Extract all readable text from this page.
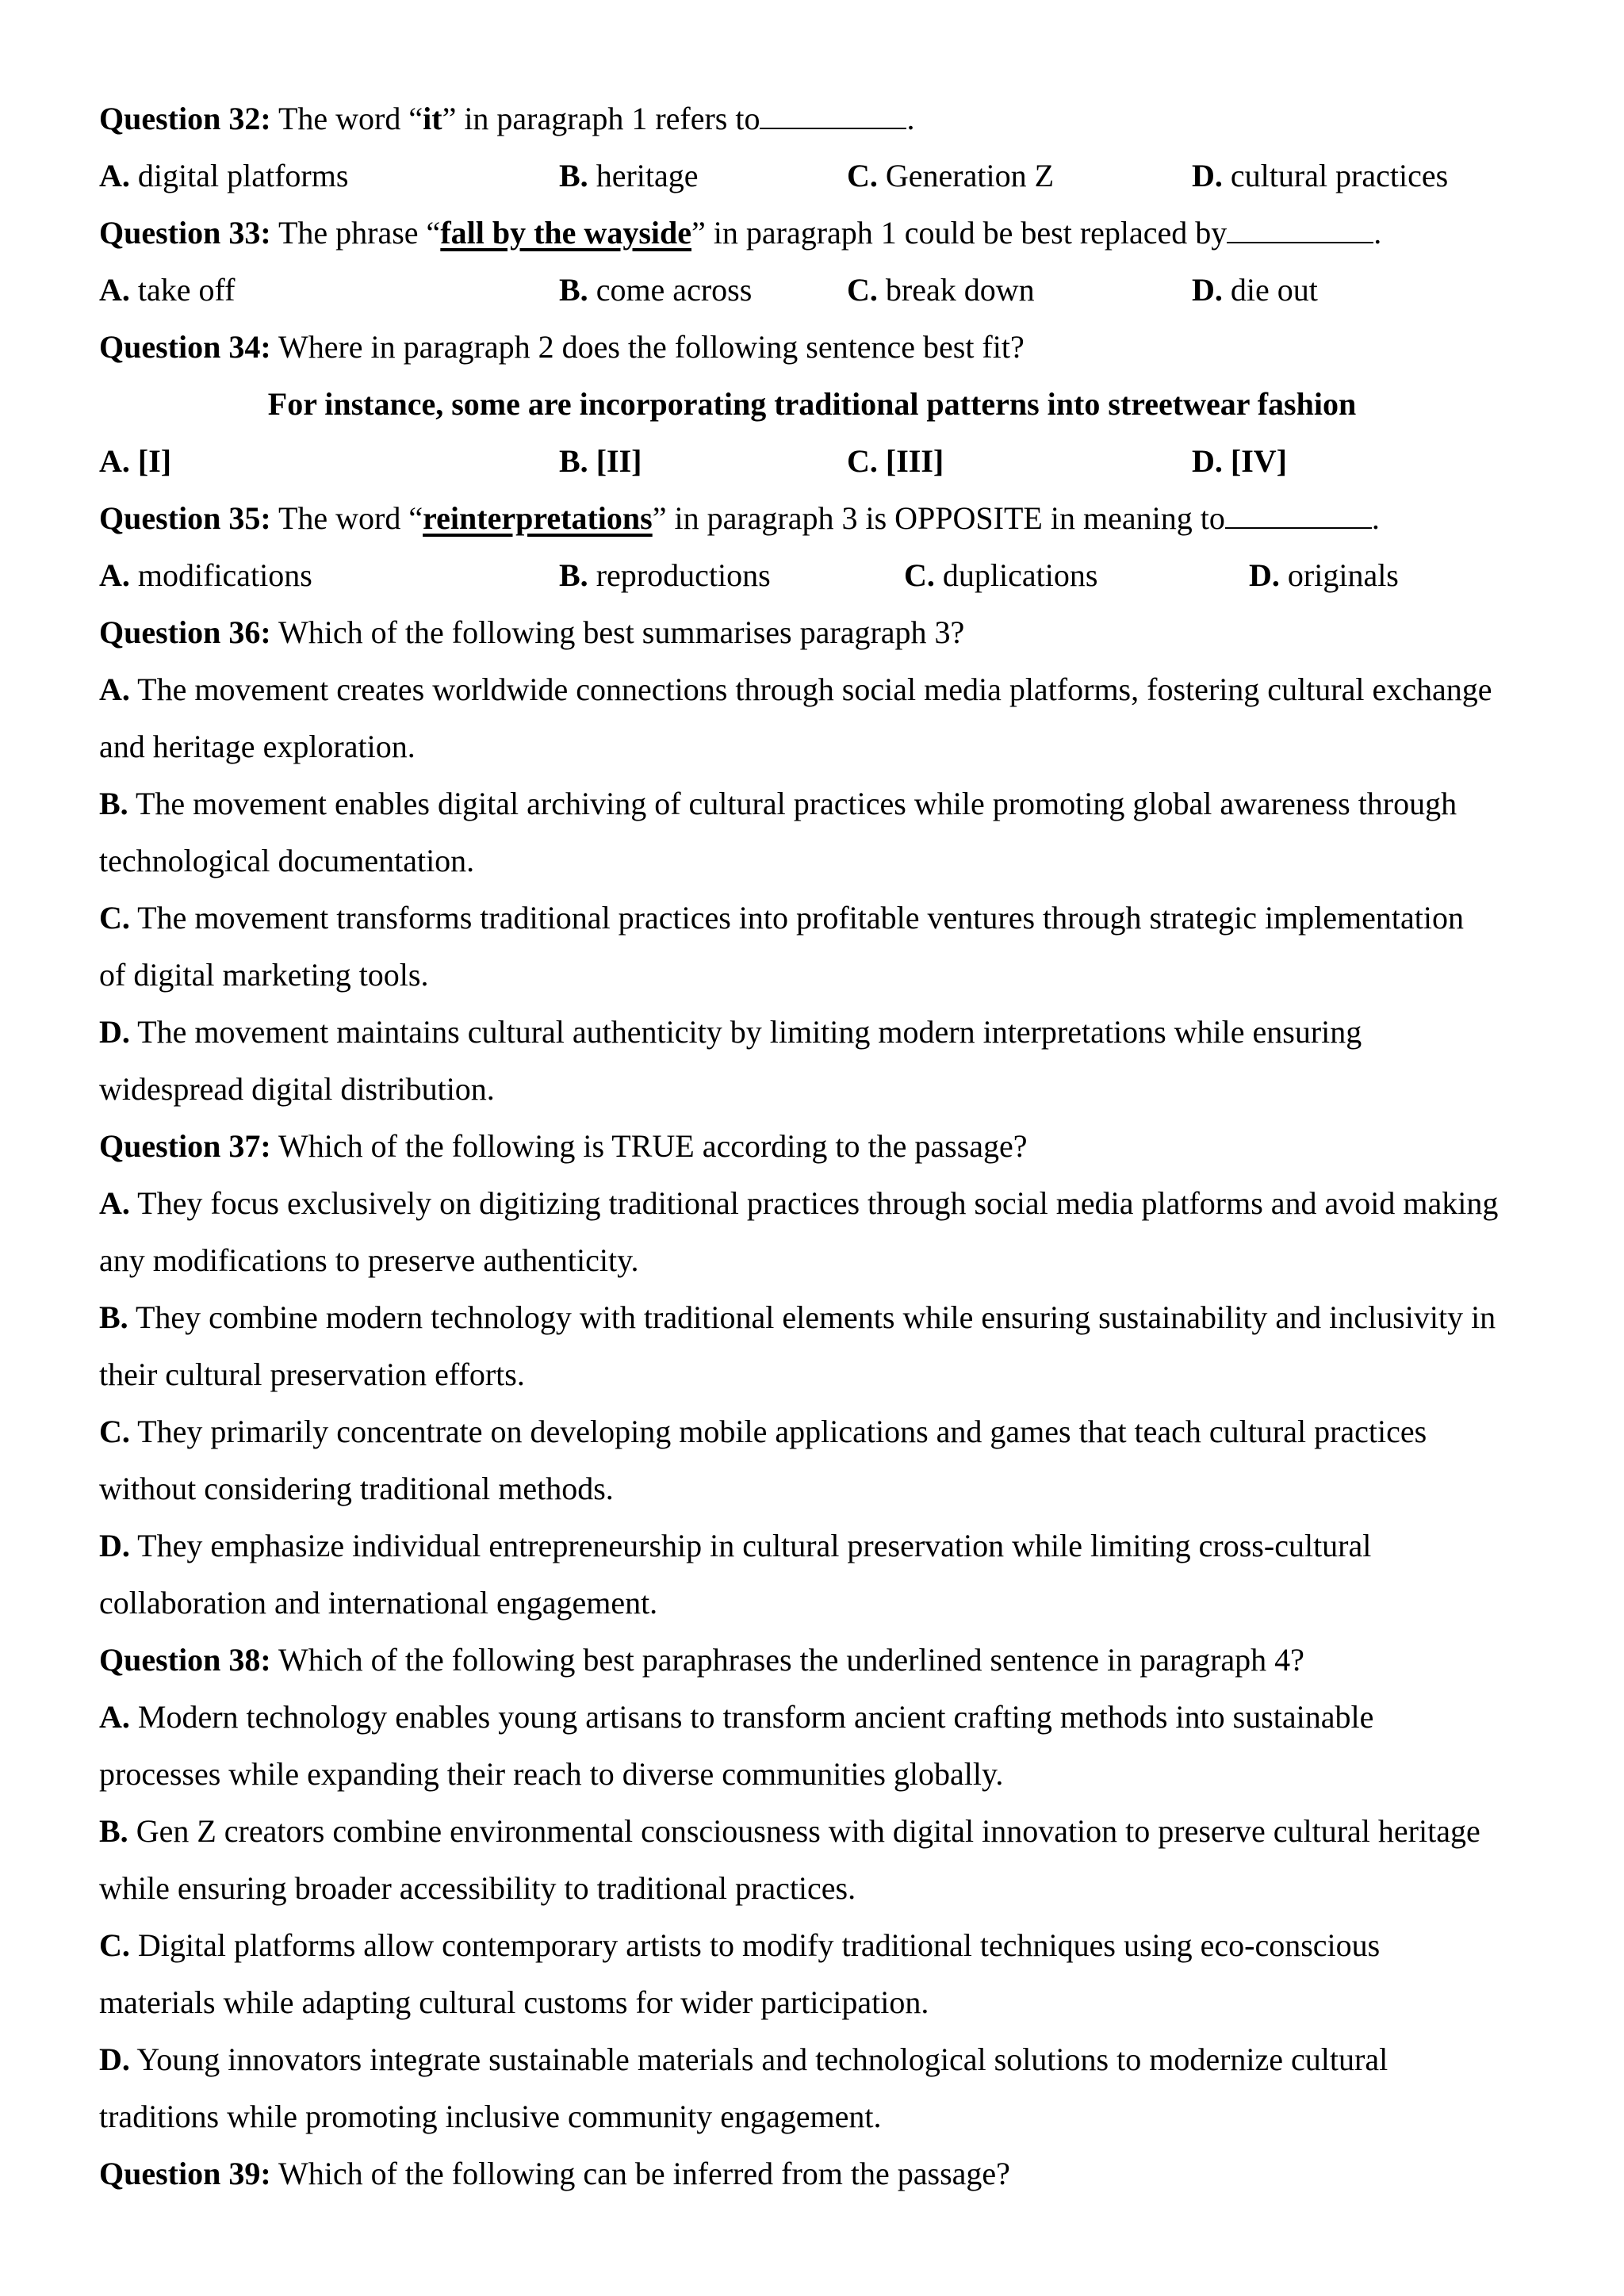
Question 32: The word “it” in paragraph 1 refers to	.
A. digital platforms	B. heritage	C. Generation Z	D. cultural practices
Question 33: The phrase “fall by the wayside” in paragraph 1 could be best replaced by	.
A. take off	B. come across	C. break down	D. die out
Question 34: Where in paragraph 2 does the following sentence best fit?
For instance, some are incorporating traditional patterns into streetwear fashion
A. [I]	B. [II]	C. [III]	D. [IV]
Question 35: The word “reinterpretations” in paragraph 3 is OPPOSITE in meaning to	.
A. modifications	B. reproductions	C. duplications	D. originals
Question 36: Which of the following best summarises paragraph 3?
A. The movement creates worldwide connections through social media platforms, fostering cultural exchange
and heritage exploration.
B. The movement enables digital archiving of cultural practices while promoting global awareness through
technological documentation.
C. The movement transforms traditional practices into profitable ventures through strategic implementation
of digital marketing tools.
D. The movement maintains cultural authenticity by limiting modern interpretations while ensuring
widespread digital distribution.
Question 37: Which of the following is TRUE according to the passage?
A. They focus exclusively on digitizing traditional practices through social media platforms and avoid making
any modifications to preserve authenticity.
B. They combine modern technology with traditional elements while ensuring sustainability and inclusivity in
their cultural preservation efforts.
C. They primarily concentrate on developing mobile applications and games that teach cultural practices
without considering traditional methods.
D. They emphasize individual entrepreneurship in cultural preservation while limiting cross-cultural
collaboration and international engagement.
Question 38: Which of the following best paraphrases the underlined sentence in paragraph 4?
A. Modern technology enables young artisans to transform ancient crafting methods into sustainable
processes while expanding their reach to diverse communities globally.
B. Gen Z creators combine environmental consciousness with digital innovation to preserve cultural heritage
while ensuring broader accessibility to traditional practices.
C. Digital platforms allow contemporary artists to modify traditional techniques using eco-conscious
materials while adapting cultural customs for wider participation.
D. Young innovators integrate sustainable materials and technological solutions to modernize cultural
traditions while promoting inclusive community engagement.
Question 39: Which of the following can be inferred from the passage?
